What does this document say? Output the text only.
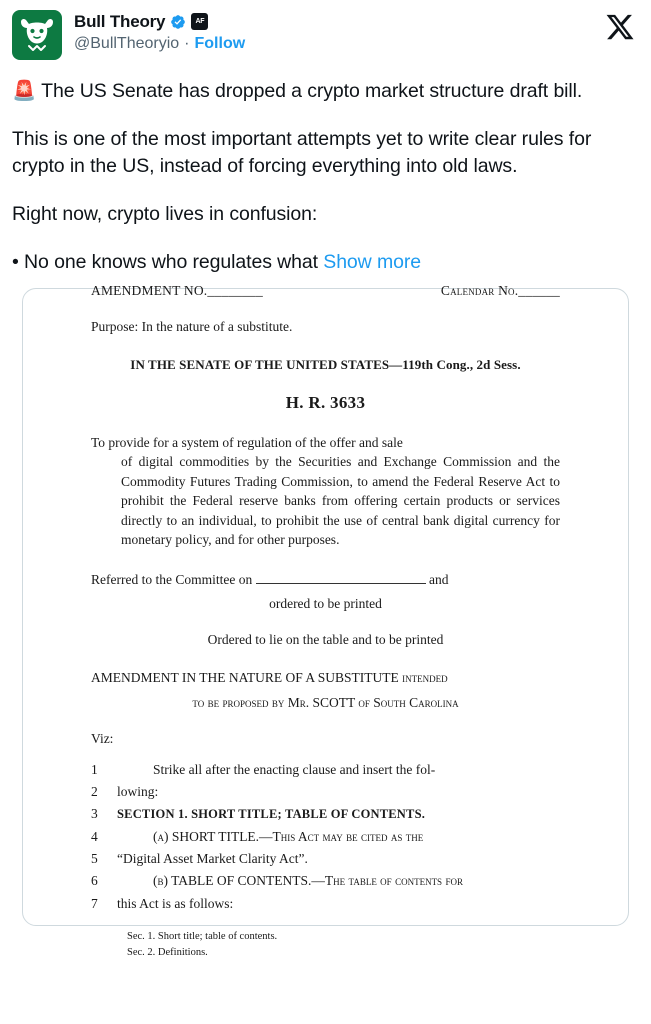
Bull Theory	AF
@BullTheoryio · Follow

🚨 The US Senate has dropped a crypto market structure draft bill.

This is one of the most important attempts yet to write clear rules for crypto in the US, instead of forcing everything into old laws.

Right now, crypto lives in confusion:

• No one knows who regulates what Show more

AMENDMENT NO.________	Calendar No.______
Purpose: In the nature of a substitute.
IN THE SENATE OF THE UNITED STATES—119th Cong., 2d Sess.
H. R. 3633
To provide for a system of regulation of the offer and sale
of digital commodities by the Securities and Exchange Commission and the Commodity Futures Trading Commission, to amend the Federal Reserve Act to prohibit the Federal reserve banks from offering certain products or services directly to an individual, to prohibit the use of central bank digital currency for monetary policy, and for other purposes.
Referred to the Committee on	and
ordered to be printed
Ordered to lie on the table and to be printed
AMENDMENT IN THE NATURE OF A SUBSTITUTE intended
to be proposed by Mr. SCOTT of South Carolina
Viz:
1	Strike all after the enacting clause and insert the fol-
2	lowing:
3	SECTION 1. SHORT TITLE; TABLE OF CONTENTS.
4	(a) SHORT TITLE.—This Act may be cited as the
5	“Digital Asset Market Clarity Act”.
6	(b) TABLE OF CONTENTS.—The table of contents for
7	this Act is as follows:
Sec. 1. Short title; table of contents.
Sec. 2. Definitions.
